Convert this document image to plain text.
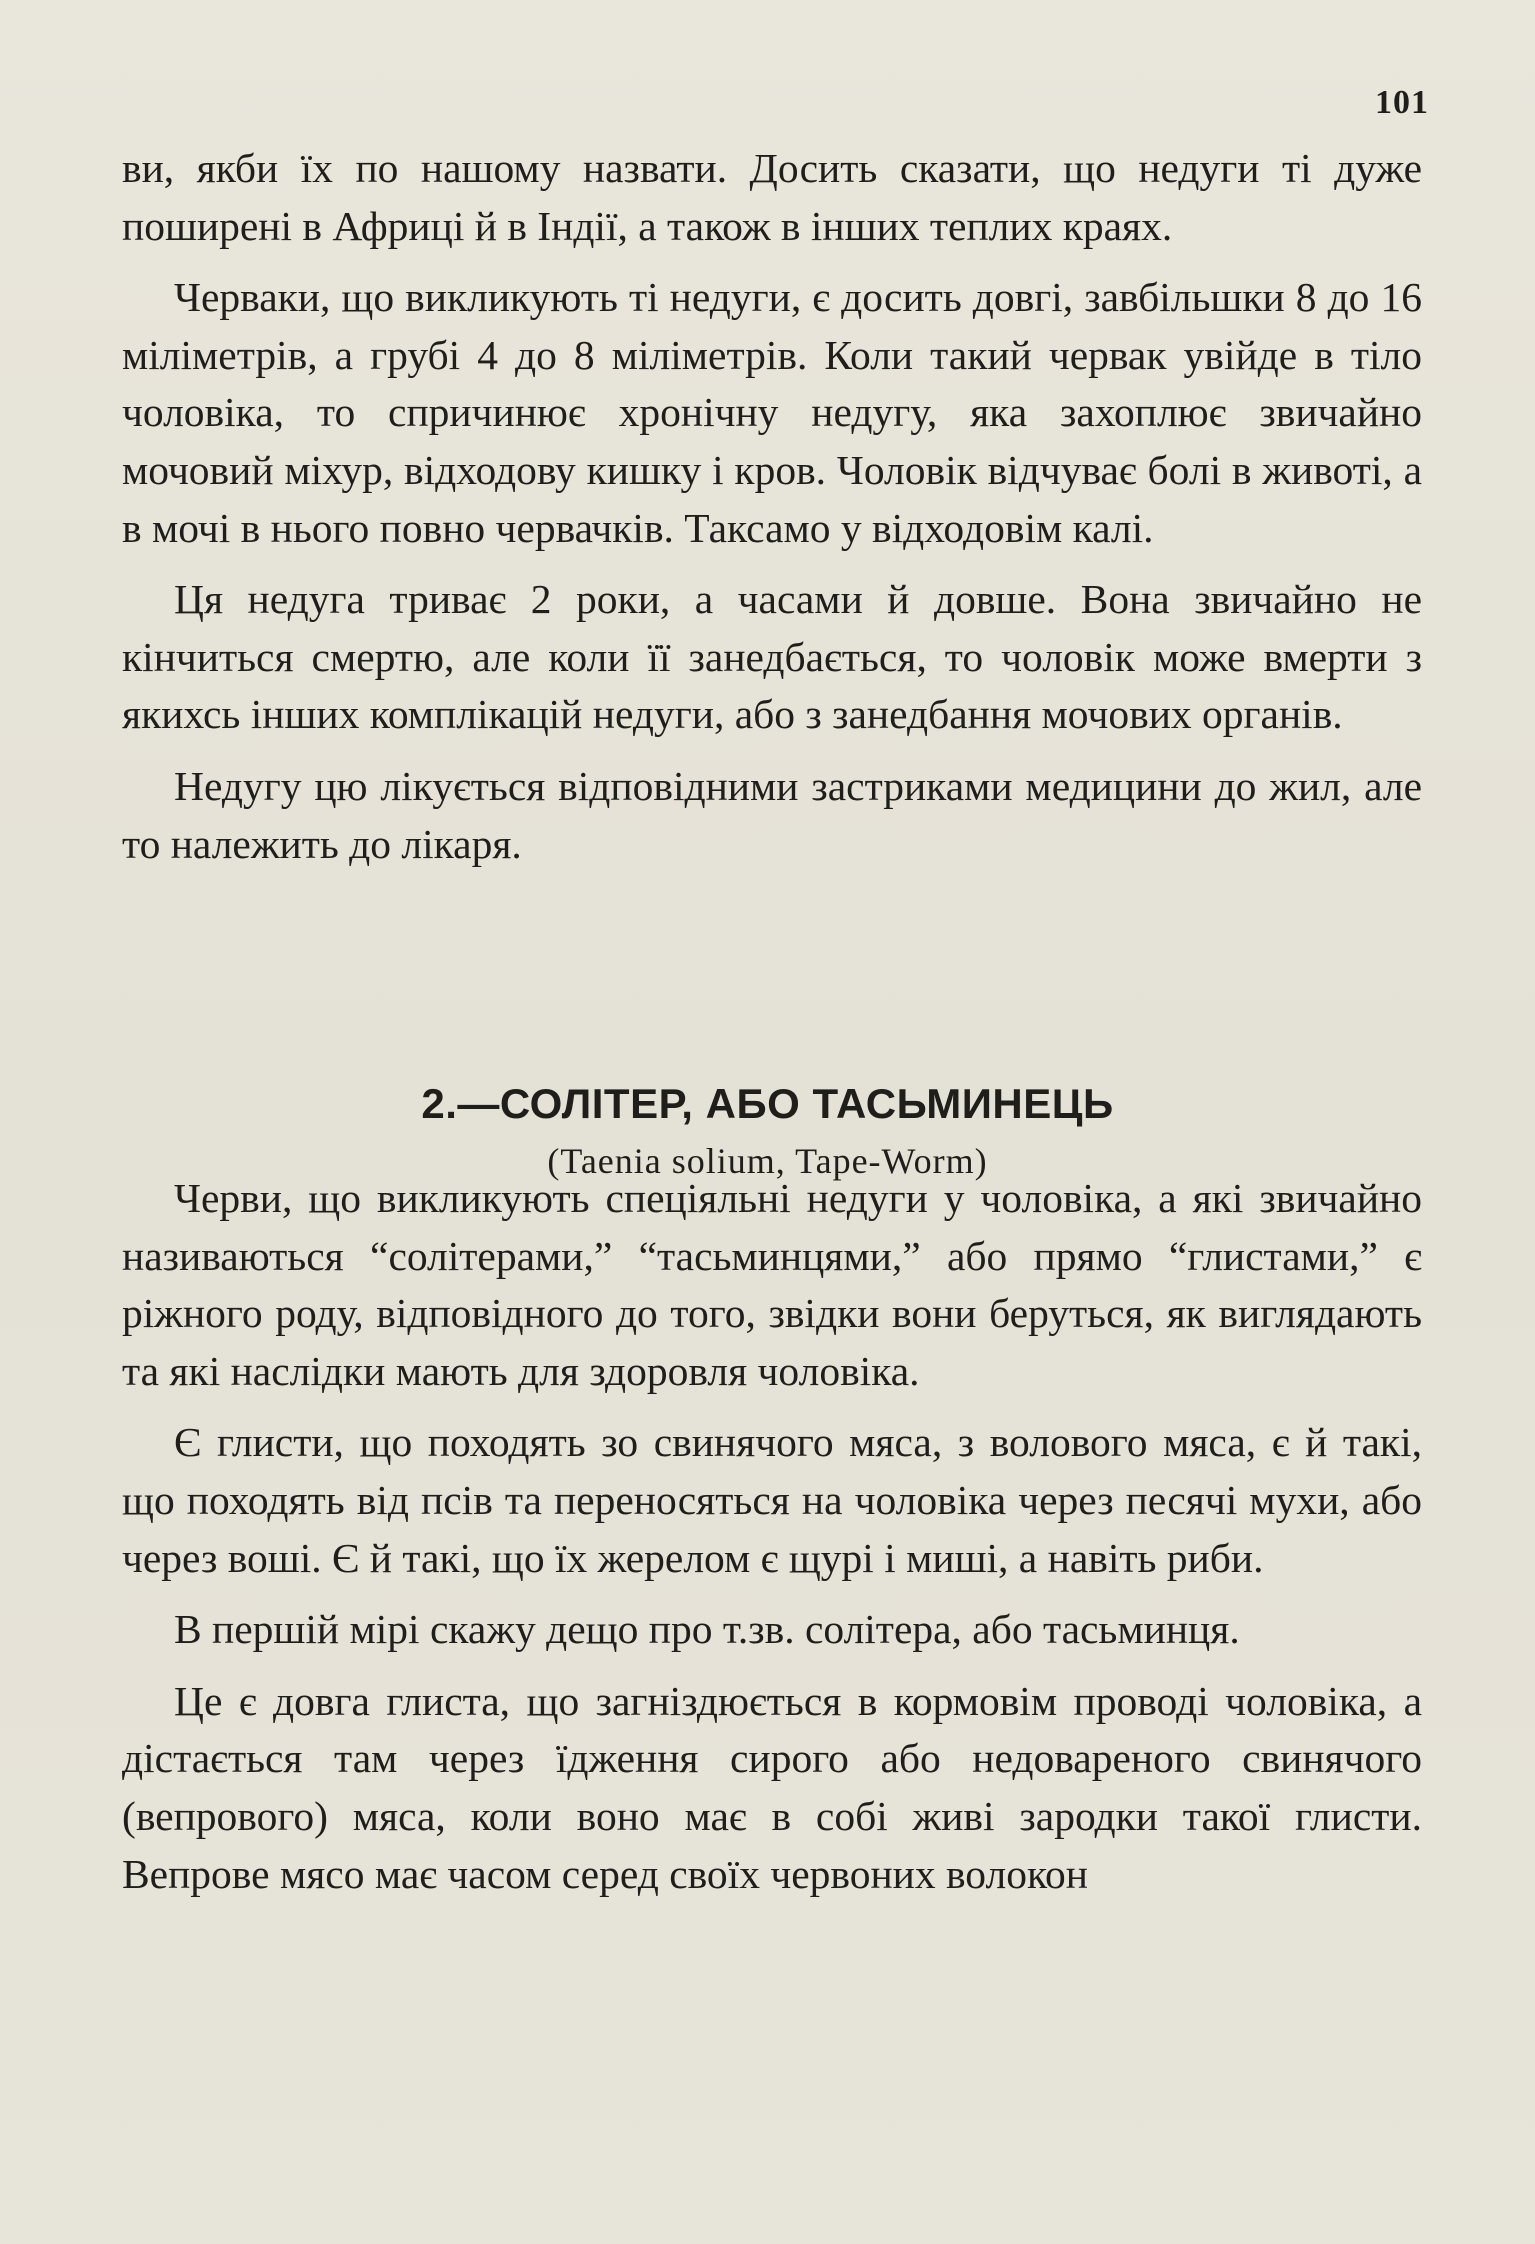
101

ви, якби їх по нашому назвати. Досить сказати, що недуги ті дуже поширені в Африці й в Індії, а також в інших теплих краях.

Черваки, що викликують ті недуги, є досить довгі, завбільшки 8 до 16 міліметрів, а грубі 4 до 8 міліметрів. Коли такий червак увійде в тіло чоловіка, то спричинює хронічну недугу, яка захоплює звичайно мочовий міхур, відходову кишку і кров. Чоловік відчуває болі в животі, а в мочі в нього повно червачків. Таксамо у відходовім калі.

Ця недуга триває 2 роки, а часами й довше. Вона звичайно не кінчиться смертю, але коли її занедбається, то чоловік може вмерти з якихсь інших комплікацій недуги, або з занедбання мочових органів.

Недугу цю лікується відповідними застриками медицини до жил, але то належить до лікаря.

2.—СОЛІТЕР, АБО ТАСЬМИНЕЦЬ
(Taenia solium, Tape-Worm)

Черви, що викликують спеціяльні недуги у чоловіка, а які звичайно називаються “солітерами,” “тасьминцями,” або прямо “глистами,” є ріжного роду, відповідного до того, звідки вони беруться, як виглядають та які наслідки мають для здоровля чоловіка.

Є глисти, що походять зо свинячого мяса, з волового мяса, є й такі, що походять від псів та переносяться на чоловіка через песячі мухи, або через воші. Є й такі, що їх жерелом є щурі і миші, а навіть риби.

В першій мірі скажу дещо про т.зв. солітера, або тасьминця.

Це є довга глиста, що загніздюється в кормовім проводі чоловіка, а дістається там через їдження сирого або недовареного свинячого (вепрового) мяса, коли воно має в собі живі зародки такої глисти. Вепрове мясо має часом серед своїх червоних волокон
